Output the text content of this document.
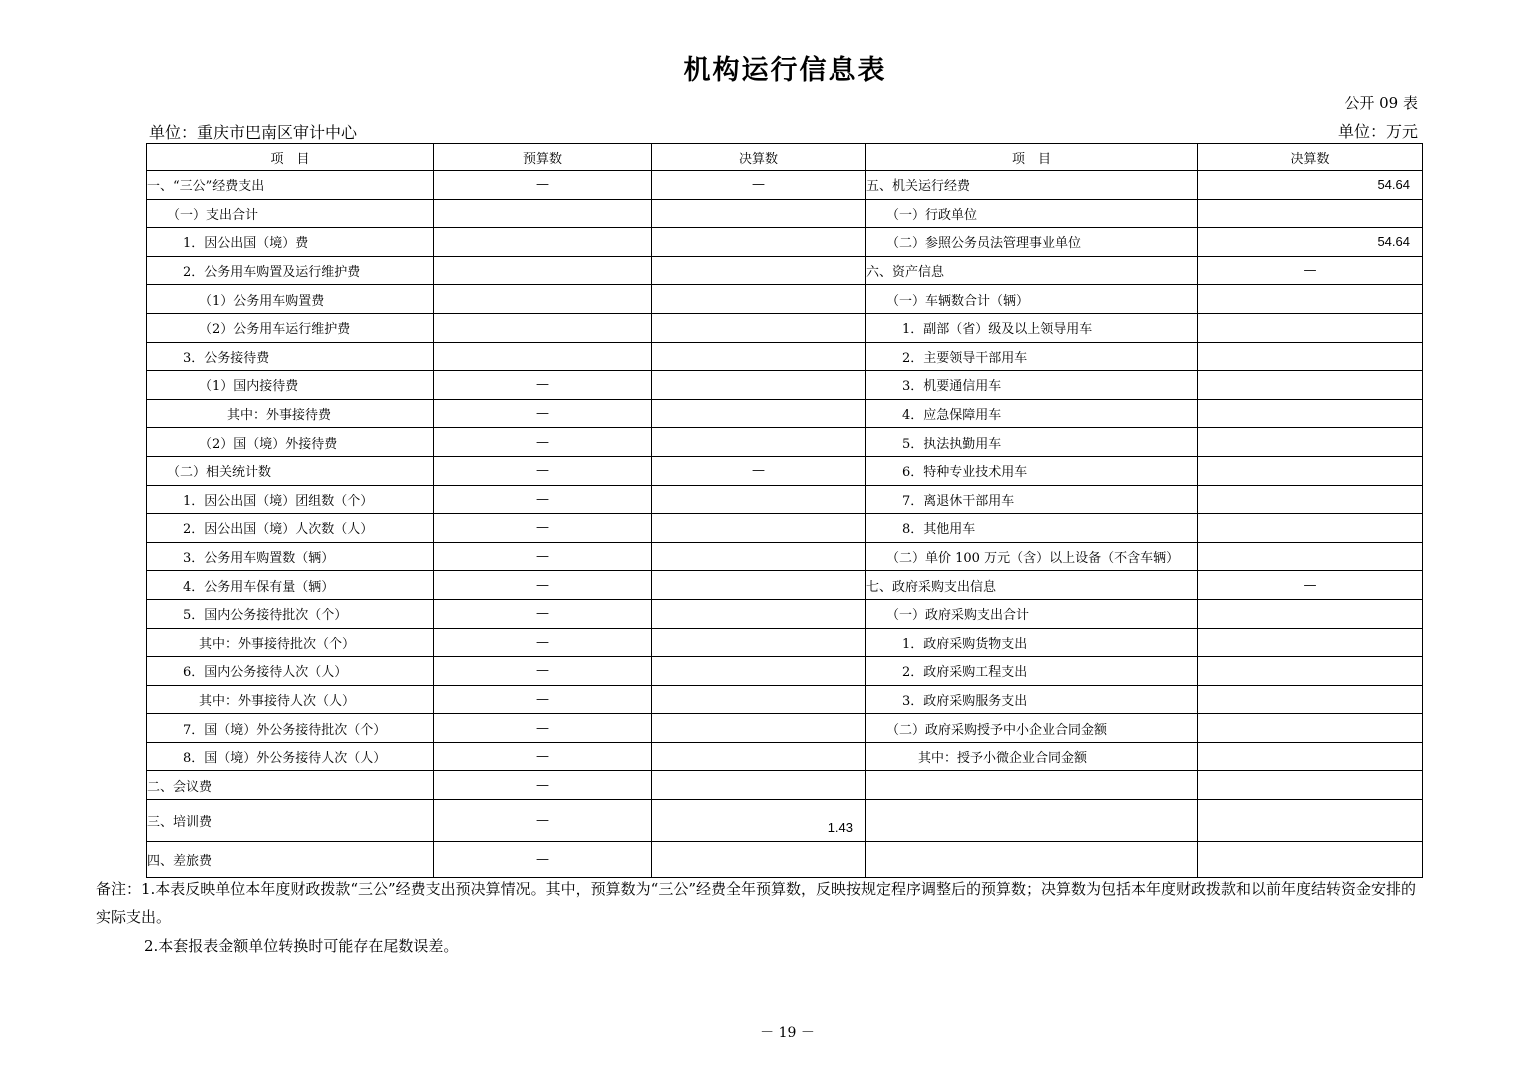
机构运行信息表
公开 09 表
单位：重庆市巴南区审计中心	单位：万元
项　目	预算数	决算数	项　目	决算数
一、“三公”经费支出	—	—	五、机关运行经费	54.64
（一）支出合计			（一）行政单位	
1．因公出国（境）费			（二）参照公务员法管理事业单位	54.64
2．公务用车购置及运行维护费			六、资产信息	—
（1）公务用车购置费			（一）车辆数合计（辆）	
（2）公务用车运行维护费			1．副部（省）级及以上领导用车	
3．公务接待费			2．主要领导干部用车	
（1）国内接待费	—		3．机要通信用车	
其中：外事接待费	—		4．应急保障用车	
（2）国（境）外接待费	—		5．执法执勤用车	
（二）相关统计数	—	—	6．特种专业技术用车	
1．因公出国（境）团组数（个）	—		7．离退休干部用车	
2．因公出国（境）人次数（人）	—		8．其他用车	
3．公务用车购置数（辆）	—		（二）单价 100 万元（含）以上设备（不含车辆）	
4．公务用车保有量（辆）	—		七、政府采购支出信息	—
5．国内公务接待批次（个）	—		（一）政府采购支出合计	
其中：外事接待批次（个）	—		1．政府采购货物支出	
6．国内公务接待人次（人）	—		2．政府采购工程支出	
其中：外事接待人次（人）	—		3．政府采购服务支出	
7．国（境）外公务接待批次（个）	—		（二）政府采购授予中小企业合同金额	
8．国（境）外公务接待人次（人）	—		其中：授予小微企业合同金额	
二、会议费	—			
三、培训费	—	1.43		
四、差旅费	—			
备注：1.本表反映单位本年度财政拨款“三公”经费支出预决算情况。其中，预算数为“三公”经费全年预算数，反映按规定程序调整后的预算数；决算数为包括本年度财政拨款和以前年度结转资金安排的实际支出。
2.本套报表金额单位转换时可能存在尾数误差。
－ 19 －
